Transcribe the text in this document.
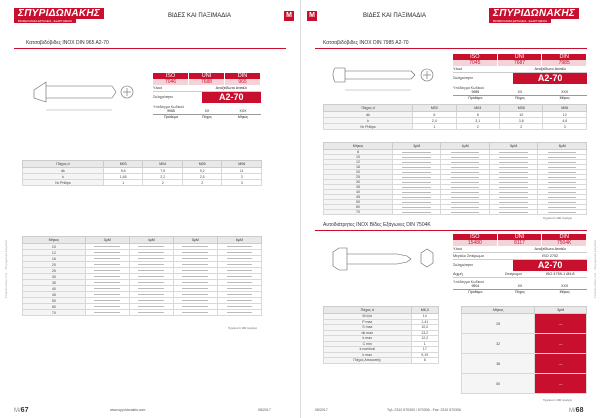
ΣΠΥΡΙΔΩΝΑΚΗΣ
ΒΙΟΜΗΧΑΝΙΚΑ ΕΡΓΑΛΕΙΑ · ΕΞΑΡΤΗΜΑΤΑ
ΒΙΔΕΣ ΚΑΙ ΠΑΞΙΜΑΔΙΑ	M
Κατσαβιδόβιδες INOX DIN 965 A2-70
ISO	UNI	DIN
7046	7688	965
Υλικό	Ανοξείδωτο Ατσάλι
Σκληρότητα	A2-70
Υπόδειγμα Κωδικού
9965	XX	XXX
Πρόθεμα	Πάχος	Μήκος
Πάχος d	M03	M04	M05	M06
dk	5,6	7,5	9,2	11
k	1,65	2,2	2,5	3
Nr Philips	1	2	2	3
Μήκος	3μΜ	4μΜ	5μΜ	6μΜ
10				
12				
16				
20				
25				
30				
35				
40				
45				
50				
60				
70				
Τμχ/κουτί 100 τεμάχια
Σπυριδωνάκης Α.Ε. - Βιομηχανικά Εργαλεία
M/67	www.spyridonakis.com	08/2017
M	ΒΙΔΕΣ ΚΑΙ ΠΑΞΙΜΑΔΙΑ	ΣΠΥΡΙΔΩΝΑΚΗΣ
ΒΙΟΜΗΧΑΝΙΚΑ ΕΡΓΑΛΕΙΑ · ΕΞΑΡΤΗΜΑΤΑ
Κατσαβιδόβιδες INOX DIN 7985 A2-70
ISO	UNI	DIN
7045	7687	7985
Υλικό	Ανοξείδωτο Ατσάλι
Σκληρότητα	A2-70
Υπόδειγμα Κωδικού
9985	XX	XXX
Πρόθεμα	Πάχος	Μήκος
Πάχος d	M03	M04	M05	M06
dk	6	8	10	12
k	2,4	3,1	3,8	4,6
Nr Philips	1	2	2	3
Μήκος	3μΜ	4μΜ	5μΜ	6μΜ
8				
10				
12				
16				
20				
25				
30				
35				
40				
45				
50				
60				
70				
Τμχ/κουτί 100 τεμάχια
Αυτοδιάτρητες INOX Βίδες Εξάγωνες DIN 7504K
ISO	UNI	DIN
15480	8117	7504K
Υλικό	Ανοξείδωτο Ατσάλι
Μεγάλο Σπείρωμα	ISO 2702
Σκληρότητα	A2-70
Αιχμή	Σπείρωμα	ISO 4759-1 Ø4.8
Υπόδειγμα Κωδικού
9504	XX	XXX
Πρόθεμα	Πάχος	Μήκος
Πάχος d	M6,3
M όλο	14
P max	1,41
S max	10,0
dk max	13,2
k max	12,2
C min	1
k nominal	17
k max	9,19
Πάχος Αποκοπής	6
Μήκος	3μΜ
25	—
32	—
38	—
50	—
Τμχ/κουτί 100 τεμάχια
Σπυριδωνάκης Α.Ε. - Βιομηχανικά Εργαλεία
08/2017	Τηλ: 2310 570300 / 570305 - Fax: 2310 570306	M/68
